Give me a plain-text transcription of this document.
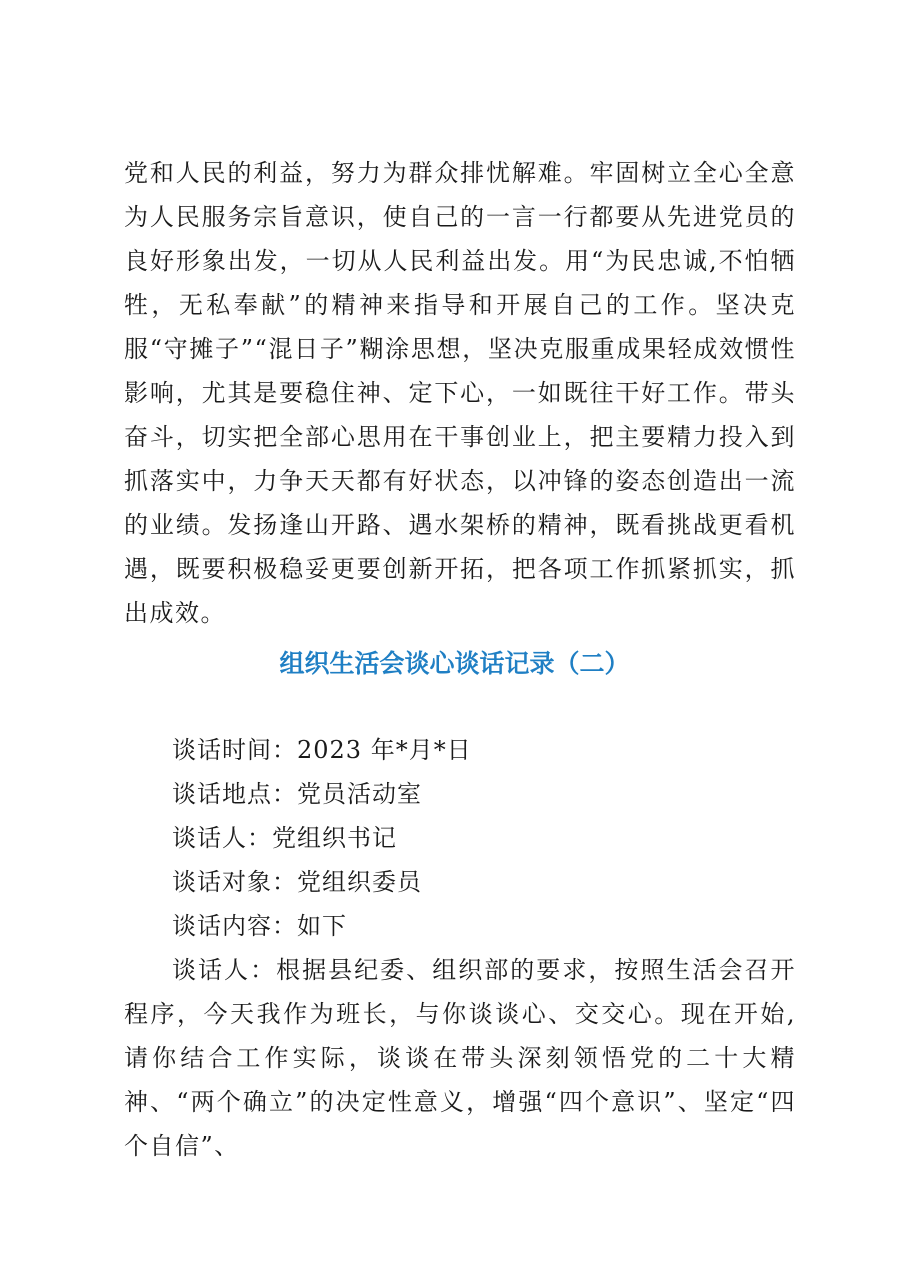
党和人民的利益，努力为群众排忧解难。牢固树立全心全意为人民服务宗旨意识，使自己的一言一行都要从先进党员的良好形象出发，一切从人民利益出发。用“为民忠诚,不怕牺牲，无私奉献”的精神来指导和开展自己的工作。坚决克服“守摊子”“混日子”糊涂思想，坚决克服重成果轻成效惯性影响，尤其是要稳住神、定下心，一如既往干好工作。带头奋斗，切实把全部心思用在干事创业上，把主要精力投入到抓落实中，力争天天都有好状态，以冲锋的姿态创造出一流的业绩。发扬逢山开路、遇水架桥的精神，既看挑战更看机遇，既要积极稳妥更要创新开拓，把各项工作抓紧抓实，抓出成效。

组织生活会谈心谈话记录（二）

谈话时间：2023 年*月*日

谈话地点：党员活动室

谈话人：党组织书记

谈话对象：党组织委员

谈话内容：如下

谈话人：根据县纪委、组织部的要求，按照生活会召开程序，今天我作为班长，与你谈谈心、交交心。现在开始,请你结合工作实际，谈谈在带头深刻领悟党的二十大精神、“两个确立”的决定性意义，增强“四个意识”、坚定“四个自信”、
